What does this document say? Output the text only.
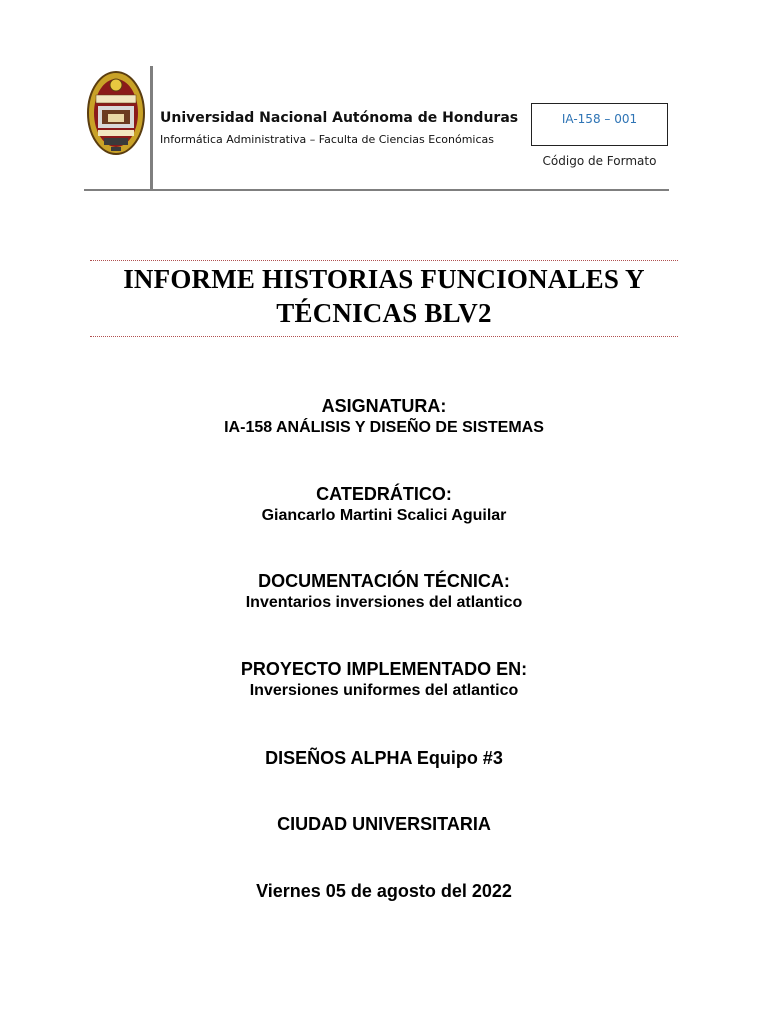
Universidad Nacional Autónoma de Honduras
Informática Administrativa – Faculta de Ciencias Económicas
IA-158 – 001
Código de Formato
INFORME HISTORIAS FUNCIONALES Y
TÉCNICAS BLV2
ASIGNATURA:
IA-158 ANÁLISIS Y DISEÑO DE SISTEMAS
CATEDRÁTICO:
Giancarlo Martini Scalici Aguilar
DOCUMENTACIÓN TÉCNICA:
Inventarios inversiones del atlantico
PROYECTO IMPLEMENTADO EN:
Inversiones uniformes del atlantico
DISEÑOS ALPHA Equipo #3
CIUDAD UNIVERSITARIA
Viernes 05 de agosto del 2022
